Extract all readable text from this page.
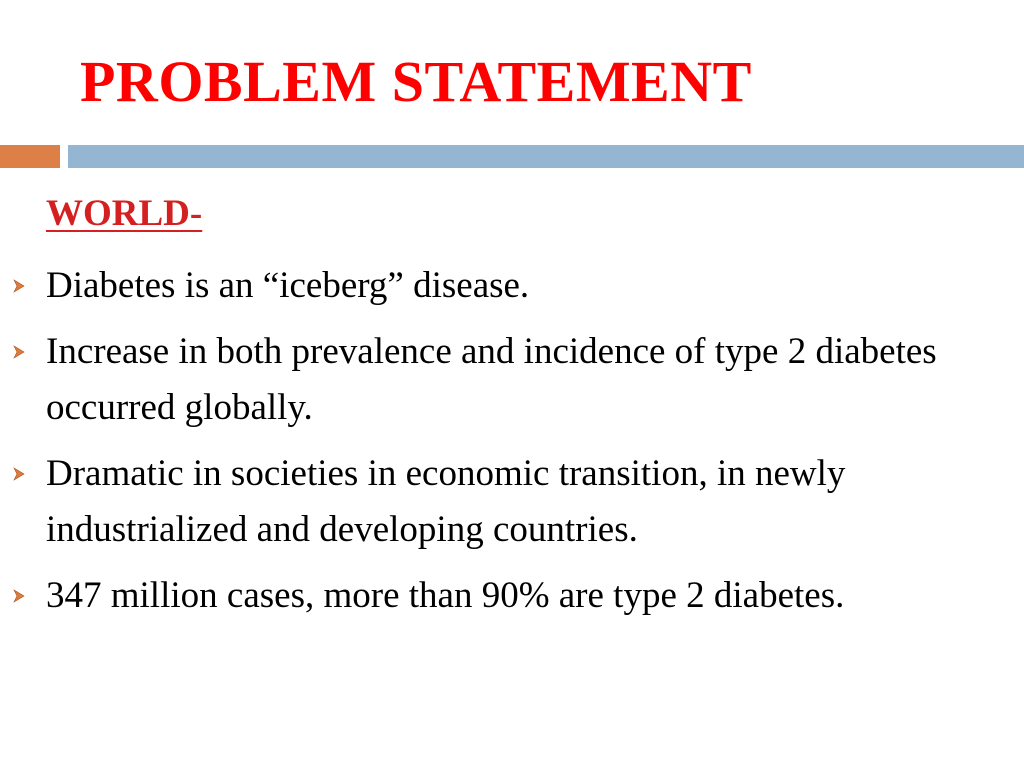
PROBLEM STATEMENT
WORLD-
Diabetes is an “iceberg” disease.
Increase in both prevalence and incidence of type 2 diabetes occurred globally.
Dramatic in societies in economic transition, in newly industrialized and developing countries.
347 million cases, more than 90% are type 2 diabetes.
